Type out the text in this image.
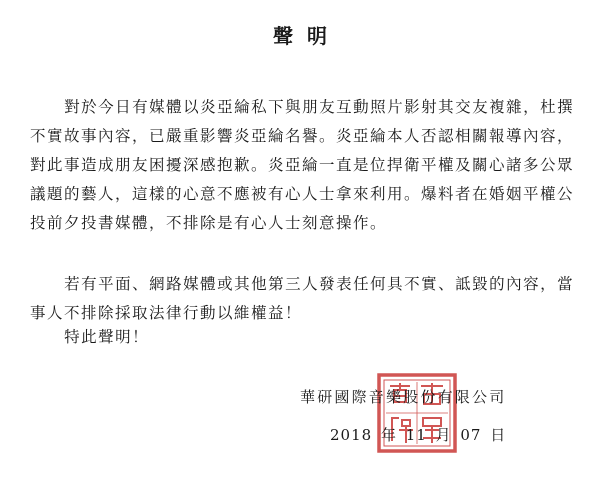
聲明

對於今日有媒體以炎亞綸私下與朋友互動照片影射其交友複雜，杜撰不實故事內容，已嚴重影響炎亞綸名譽。炎亞綸本人否認相關報導內容，對此事造成朋友困擾深感抱歉。炎亞綸一直是位捍衛平權及關心諸多公眾議題的藝人，這樣的心意不應被有心人士拿來利用。爆料者在婚姻平權公投前夕投書媒體，不排除是有心人士刻意操作。

若有平面、網路媒體或其他第三人發表任何具不實、詆毀的內容，當事人不排除採取法律行動以維權益！

特此聲明！

華研國際音樂股份有限公司
2018 年 11 月 07 日
